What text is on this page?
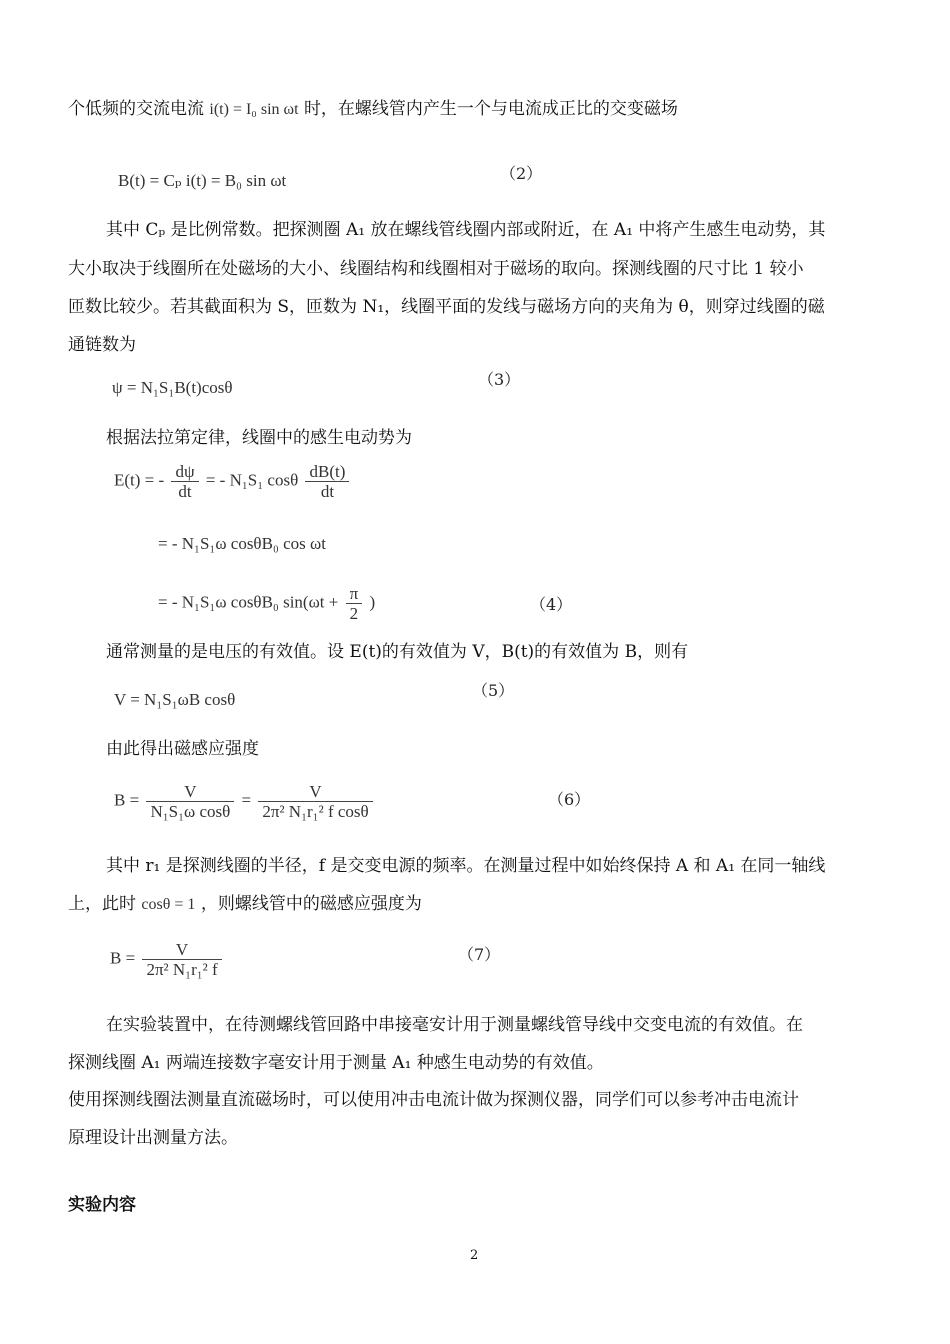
个低频的交流电流 i(t) = I₀ sin ωt 时，在螺线管内产生一个与电流成正比的交变磁场
B(t) = Cₚ i(t) = B₀ sin ωt	（2）
其中 Cₚ 是比例常数。把探测圈 A₁ 放在螺线管线圈内部或附近，在 A₁ 中将产生感生电动势，其
大小取决于线圈所在处磁场的大小、线圈结构和线圈相对于磁场的取向。探测线圈的尺寸比 1 较小
匝数比较少。若其截面积为 S，匝数为 N₁，线圈平面的发线与磁场方向的夹角为 θ，则穿过线圈的磁
通链数为
ψ = N₁S₁B(t)cosθ	（3）
根据法拉第定律，线圈中的感生电动势为
E(t) = - $\frac{d\psi}{dt}$ = - N₁S₁ cosθ $\frac{dB(t)}{dt}$
= - N₁S₁ω cosθB₀ cos ωt
= - N₁S₁ω cosθB₀ $\sin(\omega t + \frac{\pi}{2}$ )	（4）
通常测量的是电压的有效值。设 E(t)的有效值为 V，B(t)的有效值为 B，则有
V = N₁S₁ωB cosθ	（5）
由此得出磁感应强度
$B = \frac{V}{\text{N₁S₁ω cosθ}} = \frac{V}{\text{2π² N₁r₁² f cosθ}}$	（6）
其中 r₁ 是探测线圈的半径，f 是交变电源的频率。在测量过程中如始终保持 A 和 A₁ 在同一轴线
上，此时 cosθ = 1 ，则螺线管中的磁感应强度为
$B = \frac{V}{\text{2π² N₁r₁² f}}$	（7）
在实验装置中，在待测螺线管回路中串接毫安计用于测量螺线管导线中交变电流的有效值。在
探测线圈 A₁ 两端连接数字毫安计用于测量 A₁ 种感生电动势的有效值。
使用探测线圈法测量直流磁场时，可以使用冲击电流计做为探测仪器，同学们可以参考冲击电流计
原理设计出测量方法。
实验内容
2
